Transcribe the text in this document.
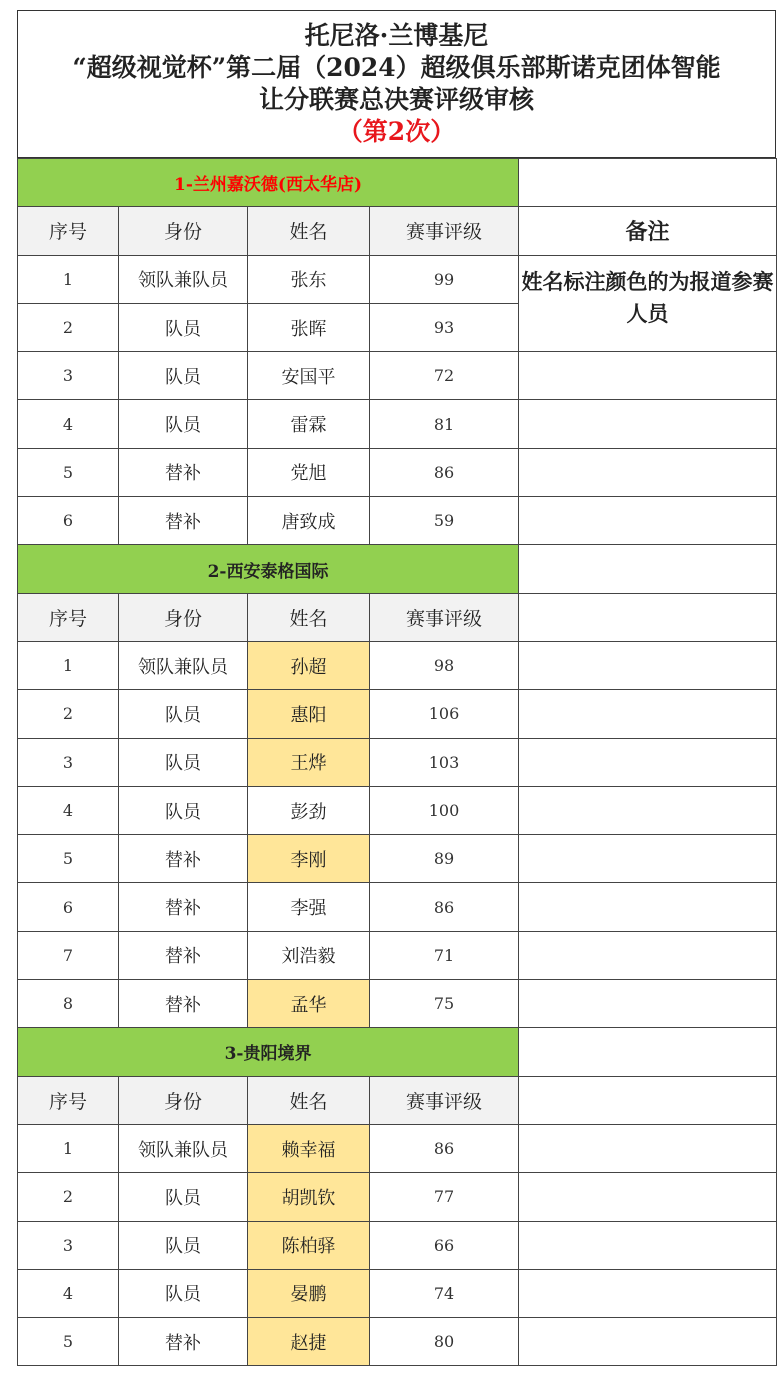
托尼洛·兰博基尼
“超级视觉杯”第二届（2024）超级俱乐部斯诺克团体智能
让分联赛总决赛评级审核
（第2次）
1-兰州嘉沃德(西太华店)				
序号	身份	姓名	赛事评级	备注
1	领队兼队员	张东	99	姓名标注颜色的为报道参赛人员
2	队员	张晖	93	
3	队员	安国平	72	
4	队员	雷霖	81	
5	替补	党旭	86	
6	替补	唐致成	59	
2-西安泰格国际				
序号	身份	姓名	赛事评级	
1	领队兼队员	孙超	98	
2	队员	惠阳	106	
3	队员	王烨	103	
4	队员	彭劲	100	
5	替补	李刚	89	
6	替补	李强	86	
7	替补	刘浩毅	71	
8	替补	孟华	75	
3-贵阳境界				
序号	身份	姓名	赛事评级	
1	领队兼队员	赖幸福	86	
2	队员	胡凯钦	77	
3	队员	陈柏驿	66	
4	队员	晏鹏	74	
5	替补	赵捷	80	
